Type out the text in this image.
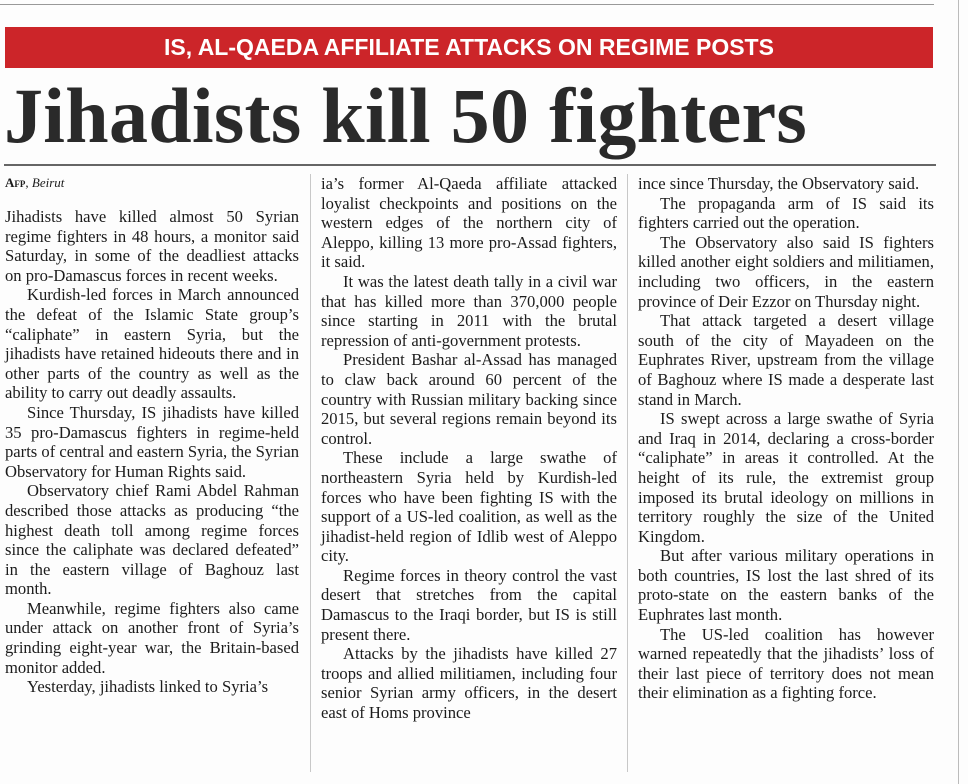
IS, AL-QAEDA AFFILIATE ATTACKS ON REGIME POSTS
Jihadists kill 50 fighters
Afp, Beirut

Jihadists have killed almost 50 Syrian regime fighters in 48 hours, a monitor said Saturday, in some of the deadliest attacks on pro-Damascus forces in recent weeks.

Kurdish-led forces in March announced the defeat of the Islamic State group’s “caliphate” in eastern Syria, but the jihadists have retained hideouts there and in other parts of the country as well as the ability to carry out deadly assaults.

Since Thursday, IS jihadists have killed 35 pro-Damascus fighters in regime-held parts of central and eastern Syria, the Syrian Observatory for Human Rights said.

Observatory chief Rami Abdel Rahman described those attacks as producing “the highest death toll among regime forces since the caliphate was declared defeated” in the eastern village of Baghouz last month.

Meanwhile, regime fighters also came under attack on another front of Syria’s grinding eight-year war, the Britain-based monitor added.

Yesterday, jihadists linked to Syria’s

ia’s former Al-Qaeda affiliate attacked loyalist checkpoints and positions on the western edges of the northern city of Aleppo, killing 13 more pro-Assad fighters, it said.

It was the latest death tally in a civil war that has killed more than 370,000 people since starting in 2011 with the brutal repression of anti-government protests.

President Bashar al-Assad has managed to claw back around 60 percent of the country with Russian military backing since 2015, but several regions remain beyond its control.

These include a large swathe of northeastern Syria held by Kurdish-led forces who have been fighting IS with the support of a US-led coalition, as well as the jihadist-held region of Idlib west of Aleppo city.

Regime forces in theory control the vast desert that stretches from the capital Damascus to the Iraqi border, but IS is still present there.

Attacks by the jihadists have killed 27 troops and allied militiamen, including four senior Syrian army officers, in the desert east of Homs province

ince since Thursday, the Observatory said.

The propaganda arm of IS said its fighters carried out the operation.

The Observatory also said IS fighters killed another eight soldiers and militiamen, including two officers, in the eastern province of Deir Ezzor on Thursday night.

That attack targeted a desert village south of the city of Mayadeen on the Euphrates River, upstream from the village of Baghouz where IS made a desperate last stand in March.

IS swept across a large swathe of Syria and Iraq in 2014, declaring a cross-border “caliphate” in areas it controlled. At the height of its rule, the extremist group imposed its brutal ideology on millions in territory roughly the size of the United Kingdom.

But after various military operations in both countries, IS lost the last shred of its proto-state on the eastern banks of the Euphrates last month.

The US-led coalition has however warned repeatedly that the jihadists’ loss of their last piece of territory does not mean their elimination as a fighting force.
